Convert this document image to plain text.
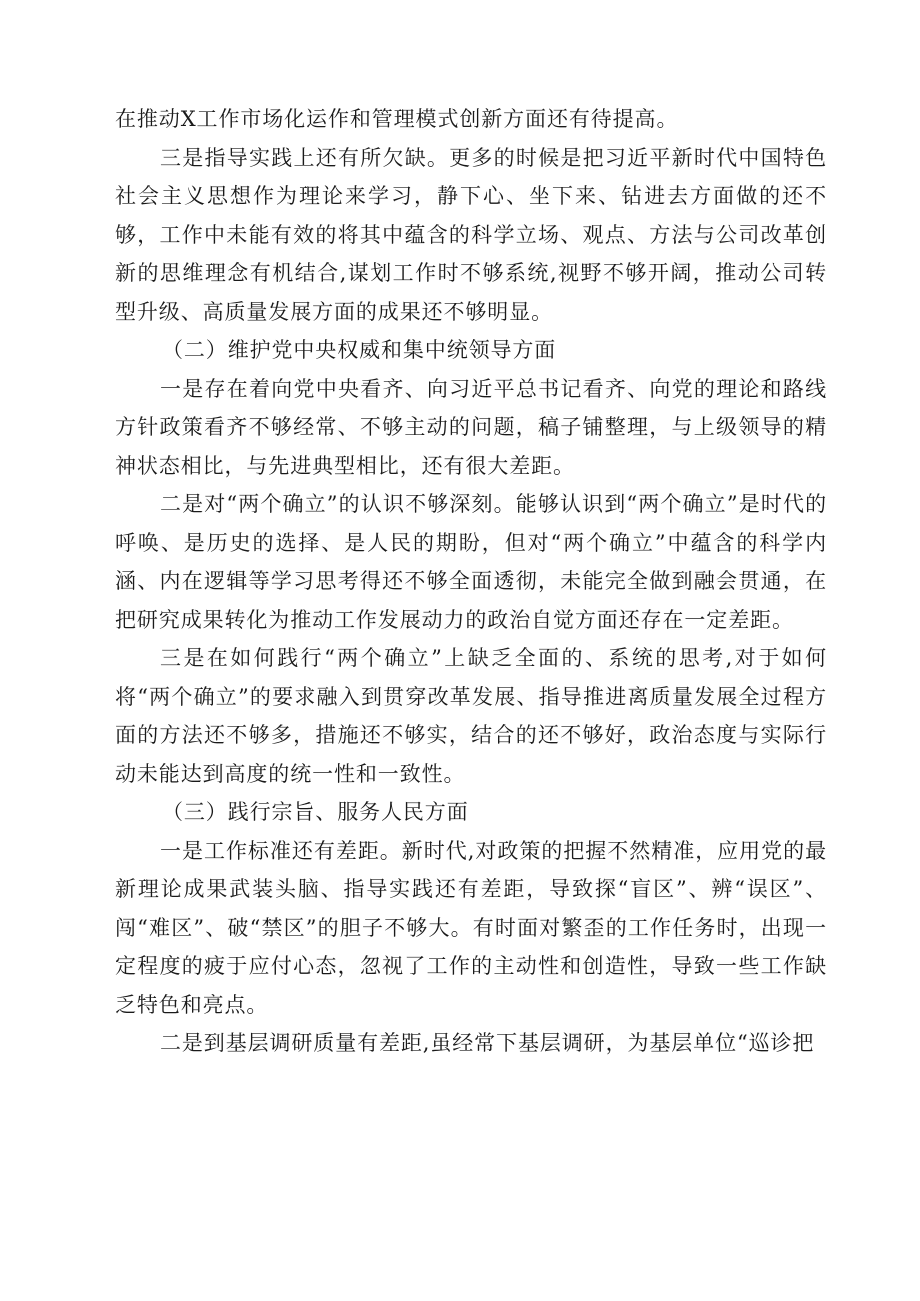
在推动X工作市场化运作和管理模式创新方面还有待提高。

三是指导实践上还有所欠缺。更多的时候是把习近平新时代中国特色社会主义思想作为理论来学习，静下心、坐下来、钻进去方面做的还不够，工作中未能有效的将其中蕴含的科学立场、观点、方法与公司改革创新的思维理念有机结合,谋划工作时不够系统,视野不够开阔，推动公司转型升级、高质量发展方面的成果还不够明显。

（二）维护党中央权威和集中统领导方面

一是存在着向党中央看齐、向习近平总书记看齐、向党的理论和路线方针政策看齐不够经常、不够主动的问题，稿子铺整理，与上级领导的精神状态相比，与先进典型相比，还有很大差距。

二是对“两个确立”的认识不够深刻。能够认识到“两个确立”是时代的呼唤、是历史的选择、是人民的期盼，但对“两个确立”中蕴含的科学内涵、内在逻辑等学习思考得还不够全面透彻，未能完全做到融会贯通，在把研究成果转化为推动工作发展动力的政治自觉方面还存在一定差距。

三是在如何践行“两个确立”上缺乏全面的、系统的思考,对于如何将“两个确立”的要求融入到贯穿改革发展、指导推进离质量发展全过程方面的方法还不够多，措施还不够实，结合的还不够好，政治态度与实际行动未能达到高度的统一性和一致性。

（三）践行宗旨、服务人民方面

一是工作标准还有差距。新时代,对政策的把握不然精准，应用党的最新理论成果武装头脑、指导实践还有差距，导致探“盲区”、辨“误区”、闯“难区”、破“禁区”的胆子不够大。有时面对繁歪的工作任务时，出现一定程度的疲于应付心态，忽视了工作的主动性和创造性，导致一些工作缺乏特色和亮点。

二是到基层调研质量有差距,虽经常下基层调研，为基层单位“巡诊把
